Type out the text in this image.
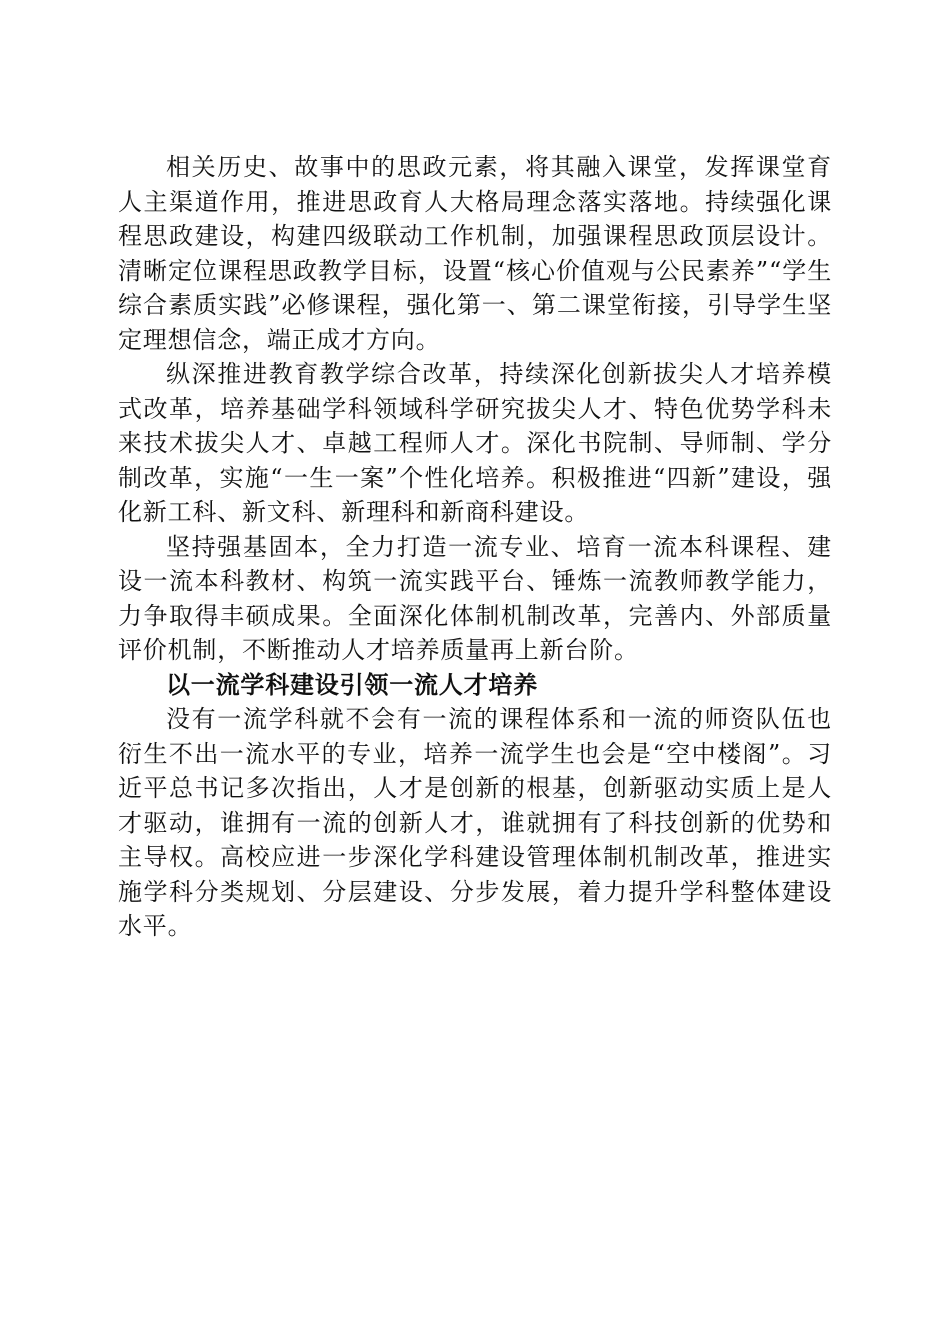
相关历史、故事中的思政元素，将其融入课堂，发挥课堂育人主渠道作用，推进思政育人大格局理念落实落地。持续强化课程思政建设，构建四级联动工作机制，加强课程思政顶层设计。清晰定位课程思政教学目标，设置“核心价值观与公民素养”“学生综合素质实践”必修课程，强化第一、第二课堂衔接，引导学生坚定理想信念，端正成才方向。

纵深推进教育教学综合改革，持续深化创新拔尖人才培养模式改革，培养基础学科领域科学研究拔尖人才、特色优势学科未来技术拔尖人才、卓越工程师人才。深化书院制、导师制、学分制改革，实施“一生一案”个性化培养。积极推进“四新”建设，强化新工科、新文科、新理科和新商科建设。

坚持强基固本，全力打造一流专业、培育一流本科课程、建设一流本科教材、构筑一流实践平台、锤炼一流教师教学能力，力争取得丰硕成果。全面深化体制机制改革，完善内、外部质量评价机制，不断推动人才培养质量再上新台阶。

以一流学科建设引领一流人才培养

没有一流学科就不会有一流的课程体系和一流的师资队伍也衍生不出一流水平的专业，培养一流学生也会是“空中楼阁”。习近平总书记多次指出，人才是创新的根基，创新驱动实质上是人才驱动，谁拥有一流的创新人才，谁就拥有了科技创新的优势和主导权。高校应进一步深化学科建设管理体制机制改革，推进实施学科分类规划、分层建设、分步发展，着力提升学科整体建设水平。
